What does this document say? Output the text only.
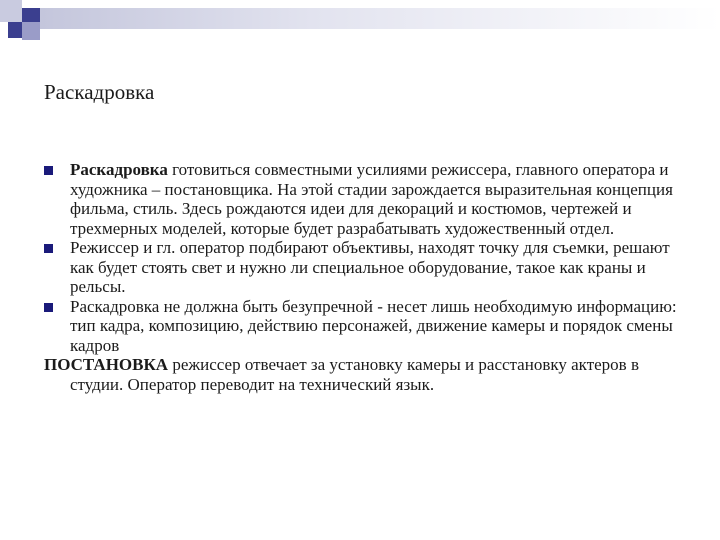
Раскадровка

Раскадровка готовиться совместными усилиями режиссера, главного оператора и художника – постановщика. На этой стадии зарождается выразительная концепция фильма, стиль. Здесь рождаются идеи для декораций и костюмов, чертежей и трехмерных моделей, которые будет разрабатывать художественный отдел.

Режиссер и гл. оператор подбирают объективы, находят точку для съемки, решают как будет стоять свет и нужно ли специальное оборудование, такое как краны и рельсы.

Раскадровка не должна быть безупречной - несет лишь необходимую информацию: тип кадра, композицию, действию персонажей, движение камеры и порядок смены кадров

ПОСТАНОВКА режиссер отвечает за установку камеры и расстановку актеров в студии. Оператор переводит на технический язык.
